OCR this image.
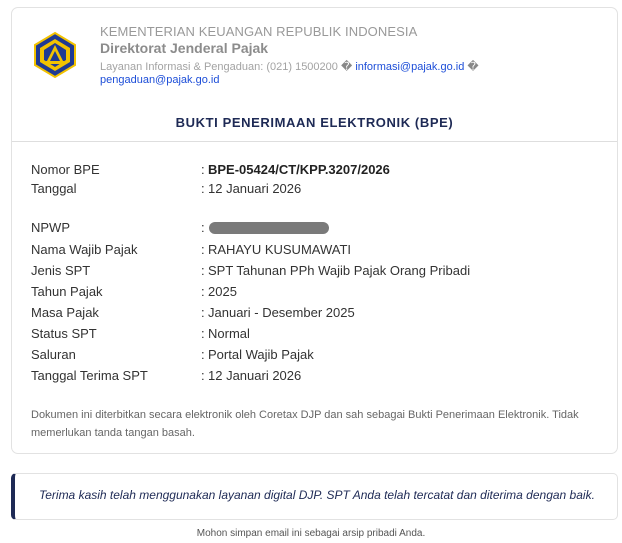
KEMENTERIAN KEUANGAN REPUBLIK INDONESIA
Direktorat Jenderal Pajak
Layanan Informasi & Pengaduan: (021) 1500200 � informasi@pajak.go.id � pengaduan@pajak.go.id
BUKTI PENERIMAAN ELEKTRONIK (BPE)
Nomor BPE	: BPE-05424/CT/KPP.3207/2026
Tanggal	: 12 Januari 2026
NPWP	:
Nama Wajib Pajak	: RAHAYU KUSUMAWATI
Jenis SPT	: SPT Tahunan PPh Wajib Pajak Orang Pribadi
Tahun Pajak	: 2025
Masa Pajak	: Januari - Desember 2025
Status SPT	: Normal
Saluran	: Portal Wajib Pajak
Tanggal Terima SPT	: 12 Januari 2026
Dokumen ini diterbitkan secara elektronik oleh Coretax DJP dan sah sebagai Bukti Penerimaan Elektronik. Tidak memerlukan tanda tangan basah.
Terima kasih telah menggunakan layanan digital DJP. SPT Anda telah tercatat dan diterima dengan baik.
Mohon simpan email ini sebagai arsip pribadi Anda.
